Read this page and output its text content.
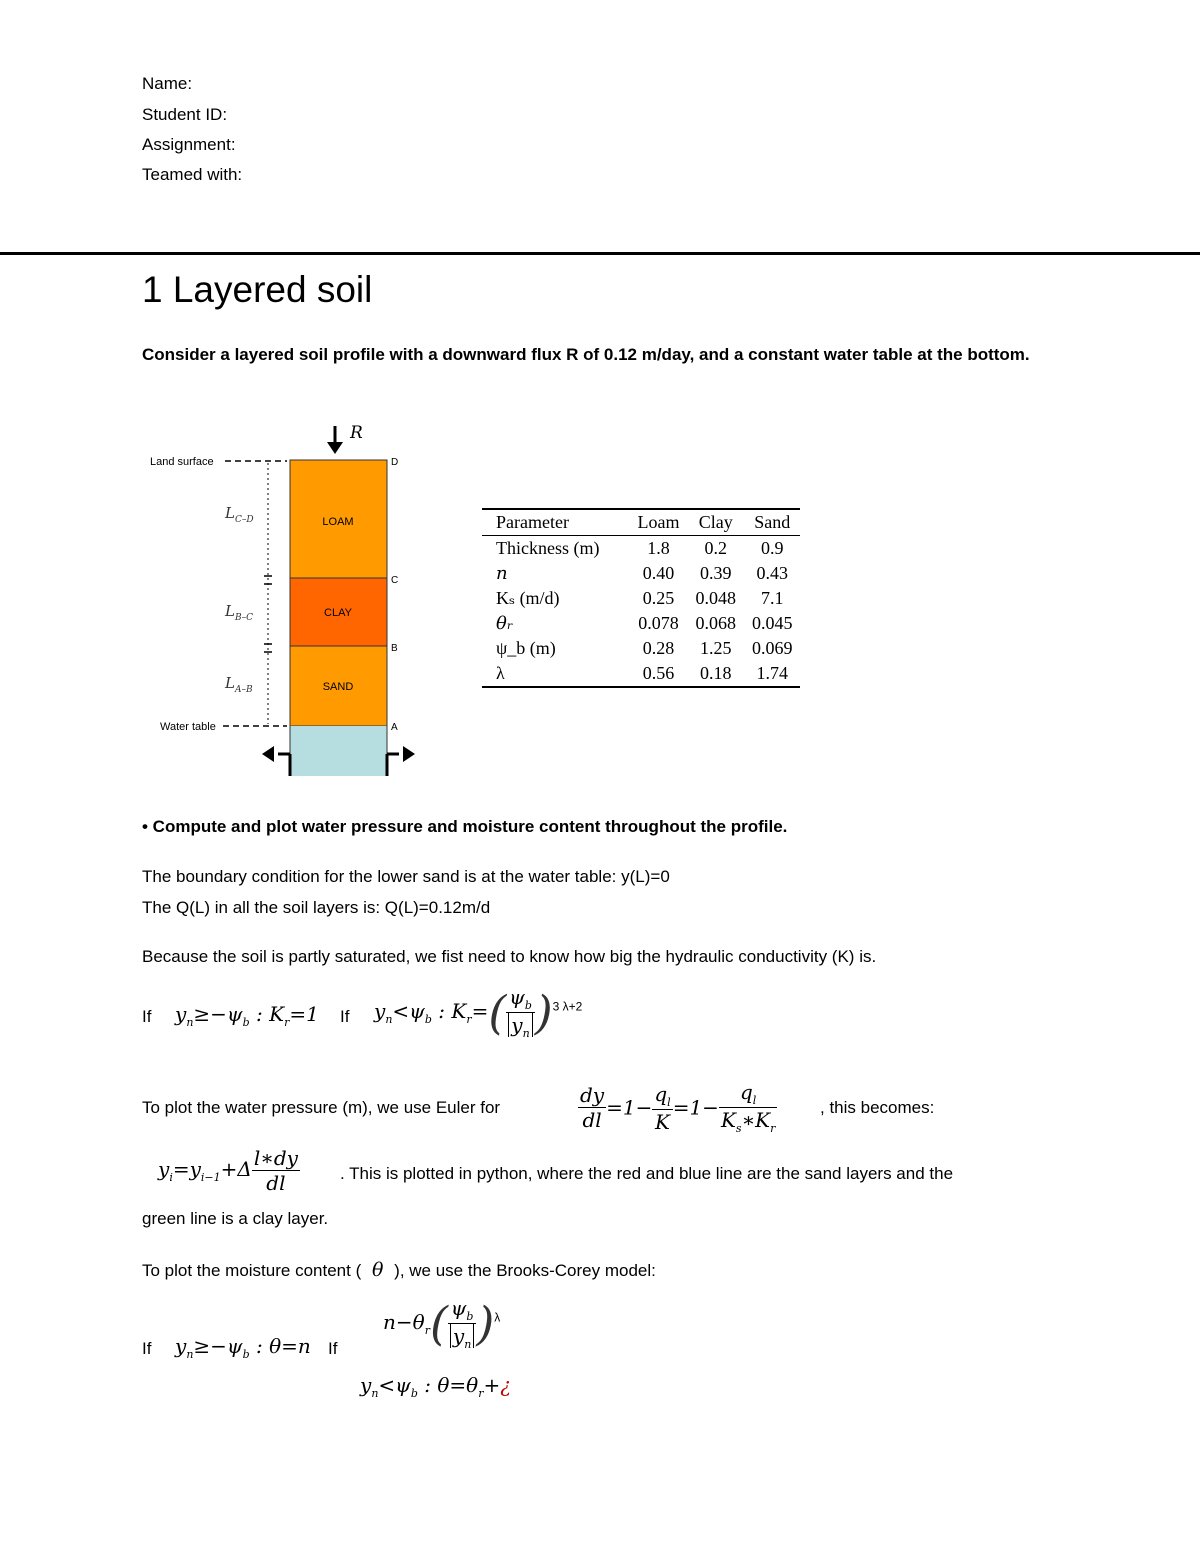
Name:
Student ID:
Assignment:
Teamed with:
1 Layered soil
Consider a layered soil profile with a downward flux R of 0.12 m/day, and a constant water table at the bottom.
R
LOAM
CLAY
SAND
Land surface
Water table
$L_{C-D}$
$L_{B-C}$
$L_{A-B}$
D
C
B
A
Parameter	Loam	Clay	Sand
Thickness (m)	1.8	0.2	0.9
n	0.40	0.39	0.43
Kₛ (m/d)	0.25	0.048	7.1
θᵣ	0.078	0.068	0.045
ψ_b (m)	0.28	1.25	0.069
λ	0.56	0.18	1.74
• Compute and plot water pressure and moisture content throughout the profile.
The boundary condition for the lower sand is at the water table: y(L)=0
The Q(L) in all the soil layers is: Q(L)=0.12m/d
Because the soil is partly saturated, we fist need to know how big the hydraulic conductivity (K) is.
If $y_n\ge-\psi_b$ : $K_r=1$ If $y_n<\psi_b$ : $K_r=( \frac{\psi_b}{y_n} )^{3 \lambda+2}$
To plot the water pressure (m), we use Euler for	$\frac{dy}{dl} =1- \frac{q_l}{K} =1- \frac{q_l}{K_s∗K_r}$	, this becomes:
$y_i=y_{i-1}+\Delta \frac{l∗dy}{dl}$ . This is plotted in python, where the red and blue line are the sand layers and the
green line is a clay layer.
To plot the moisture content ( θ ), we use the Brooks-Corey model:
If $y_n\ge-\psi_b$ : θ=n If
$n-\theta_r( \frac{\psi_b}{y_n} )^\lambda$
$y_n<\psi_b$ : $\theta=\theta_r+¿$
